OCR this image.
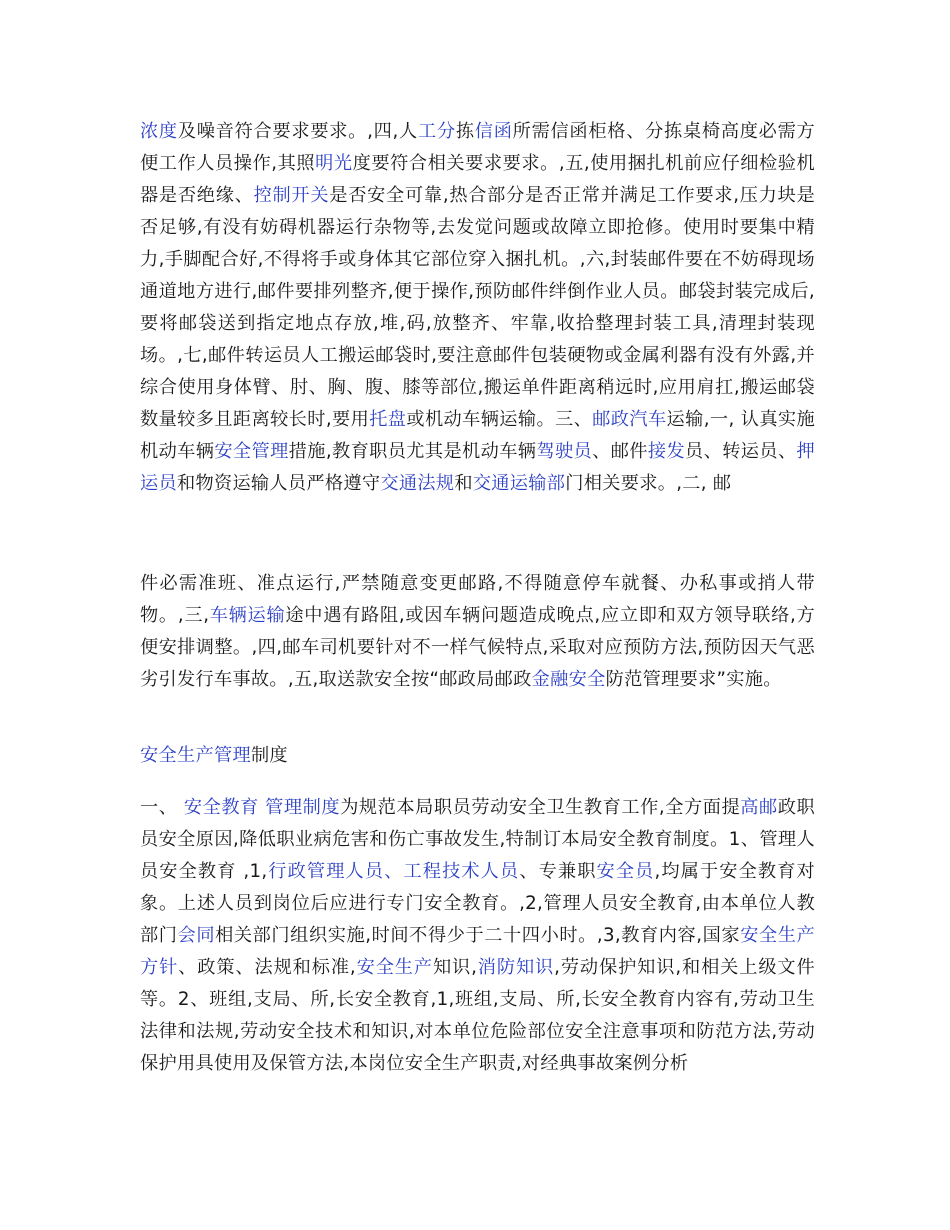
浓度及噪音符合要求要求。,四,人工分拣信函所需信函柜格、分拣桌椅高度必需方便工作人员操作,其照明光度要符合相关要求要求。,五,使用捆扎机前应仔细检验机器是否绝缘、控制开关是否安全可靠,热合部分是否正常并满足工作要求,压力块是否足够,有没有妨碍机器运行杂物等,去发觉问题或故障立即抢修。使用时要集中精力,手脚配合好,不得将手或身体其它部位穿入捆扎机。,六,封装邮件要在不妨碍现场通道地方进行,邮件要排列整齐,便于操作,预防邮件绊倒作业人员。邮袋封装完成后,要将邮袋送到指定地点存放,堆,码,放整齐、牢靠,收拾整理封装工具,清理封装现场。,七,邮件转运员人工搬运邮袋时,要注意邮件包装硬物或金属利器有没有外露,并综合使用身体臂、肘、胸、腹、膝等部位,搬运单件距离稍远时,应用肩扛,搬运邮袋数量较多且距离较长时,要用托盘或机动车辆运输。三、邮政汽车运输,一, 认真实施机动车辆安全管理措施,教育职员尤其是机动车辆驾驶员、邮件接发员、转运员、押运员和物资运输人员严格遵守交通法规和交通运输部门相关要求。,二, 邮
件必需准班、准点运行,严禁随意变更邮路,不得随意停车就餐、办私事或捎人带物。,三,车辆运输途中遇有路阻,或因车辆问题造成晚点,应立即和双方领导联络,方便安排调整。,四,邮车司机要针对不一样气候特点,采取对应预防方法,预防因天气恶劣引发行车事故。,五,取送款安全按“邮政局邮政金融安全防范管理要求”实施。
安全生产管理制度
一、 安全教育 管理制度为规范本局职员劳动安全卫生教育工作,全方面提高邮政职员安全原因,降低职业病危害和伤亡事故发生,特制订本局安全教育制度。1、管理人员安全教育 ,1,行政管理人员、工程技术人员、专兼职安全员,均属于安全教育对象。上述人员到岗位后应进行专门安全教育。,2,管理人员安全教育,由本单位人教部门会同相关部门组织实施,时间不得少于二十四小时。,3,教育内容,国家安全生产方针、政策、法规和标准,安全生产知识,消防知识,劳动保护知识,和相关上级文件等。2、班组,支局、所,长安全教育,1,班组,支局、所,长安全教育内容有,劳动卫生法律和法规,劳动安全技术和知识,对本单位危险部位安全注意事项和防范方法,劳动保护用具使用及保管方法,本岗位安全生产职责,对经典事故案例分析
